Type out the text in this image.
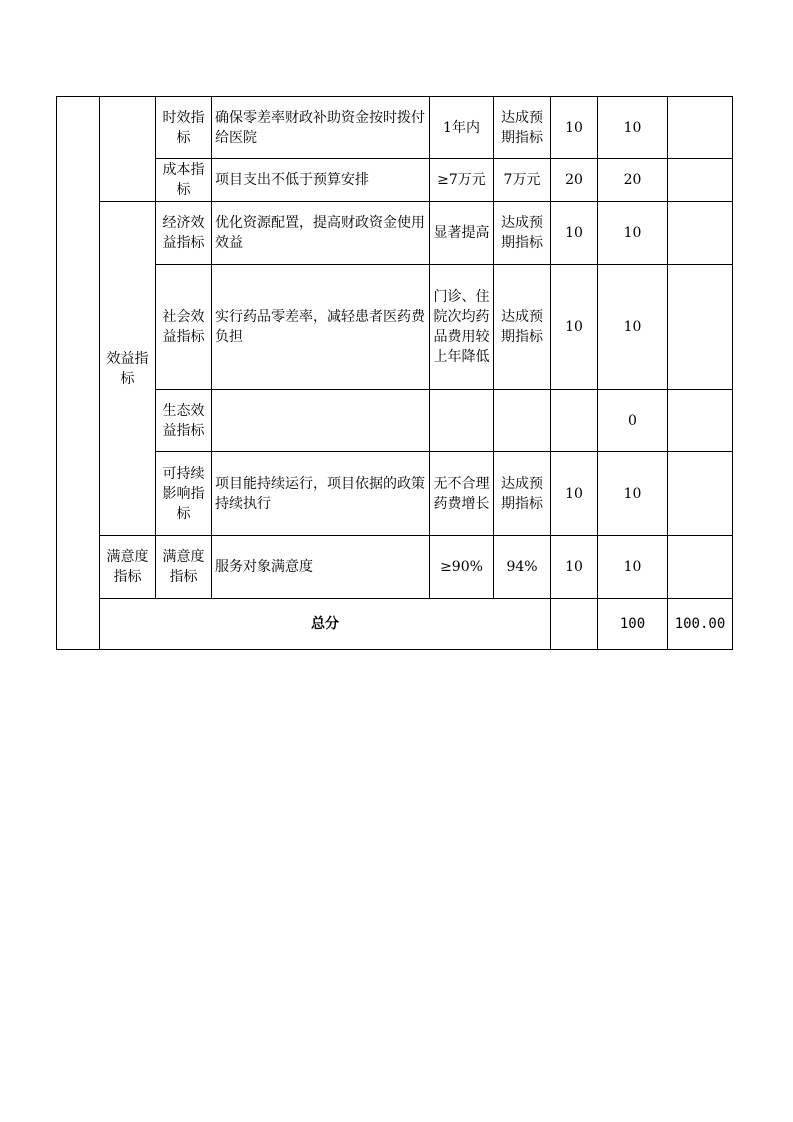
		时效指标	确保零差率财政补助资金按时拨付给医院	1年内	达成预期指标	10	10		
		成本指标	项目支出不低于预算安排	≥7万元	7万元	20	20		
	效益指标	经济效益指标	优化资源配置，提高财政资金使用效益	显著提高	达成预期指标	10	10		
		社会效益指标	实行药品零差率，减轻患者医药费负担	门诊、住院次均药品费用较上年降低	达成预期指标	10	10		
		生态效益指标					0		
		可持续影响指标	项目能持续运行，项目依据的政策持续执行	无不合理药费增长	达成预期指标	10	10		
	满意度指标	满意度指标	服务对象满意度	≥90%	94%	10	10		
	总分						100	100.00	
